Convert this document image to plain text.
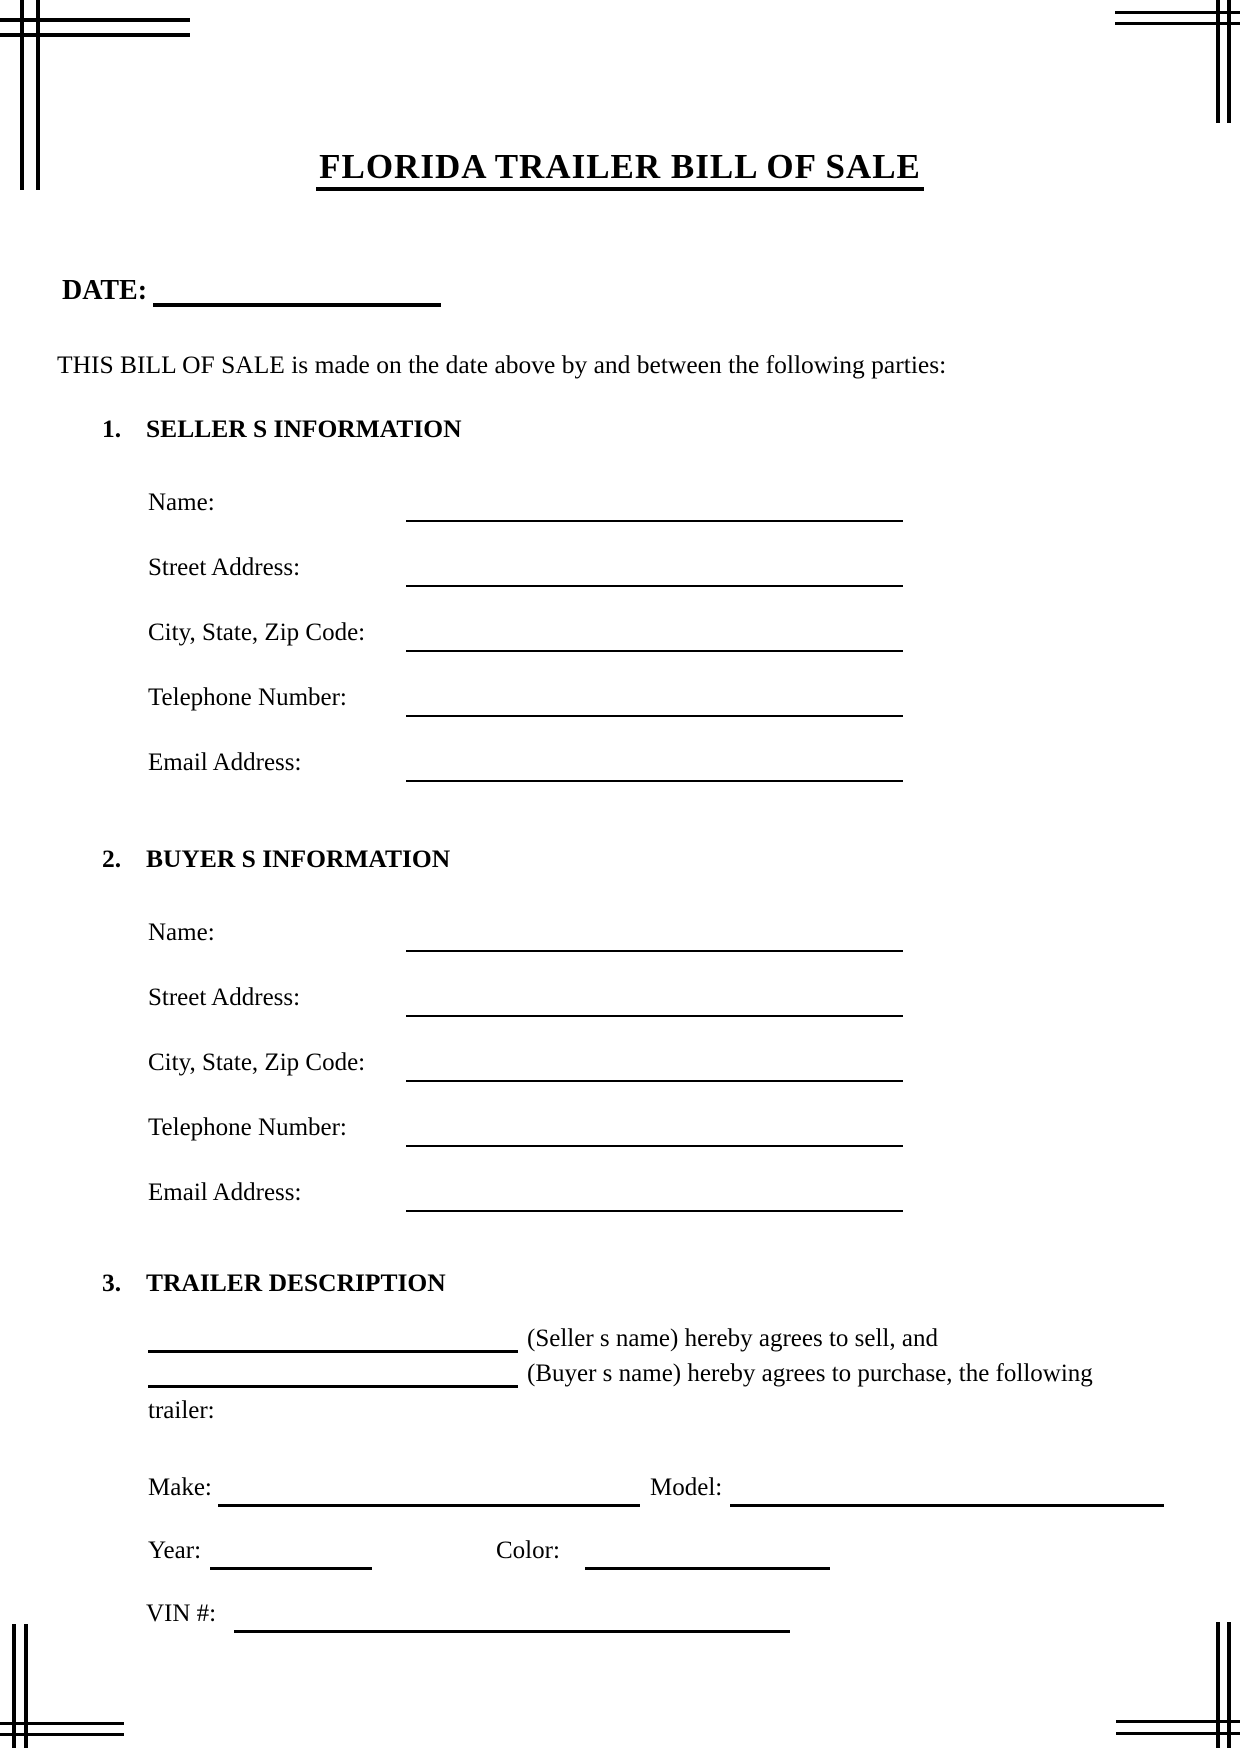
FLORIDA TRAILER BILL OF SALE
DATE:
THIS BILL OF SALE is made on the date above by and between the following parties:
1. SELLER S INFORMATION
Name:
Street Address:
City, State, Zip Code:
Telephone Number:
Email Address:
2. BUYER S INFORMATION
Name:
Street Address:
City, State, Zip Code:
Telephone Number:
Email Address:
3. TRAILER DESCRIPTION
(Seller s name) hereby agrees to sell, and
(Buyer s name) hereby agrees to purchase, the following
trailer:
Make:	Model:
Year:	Color:
VIN #:
